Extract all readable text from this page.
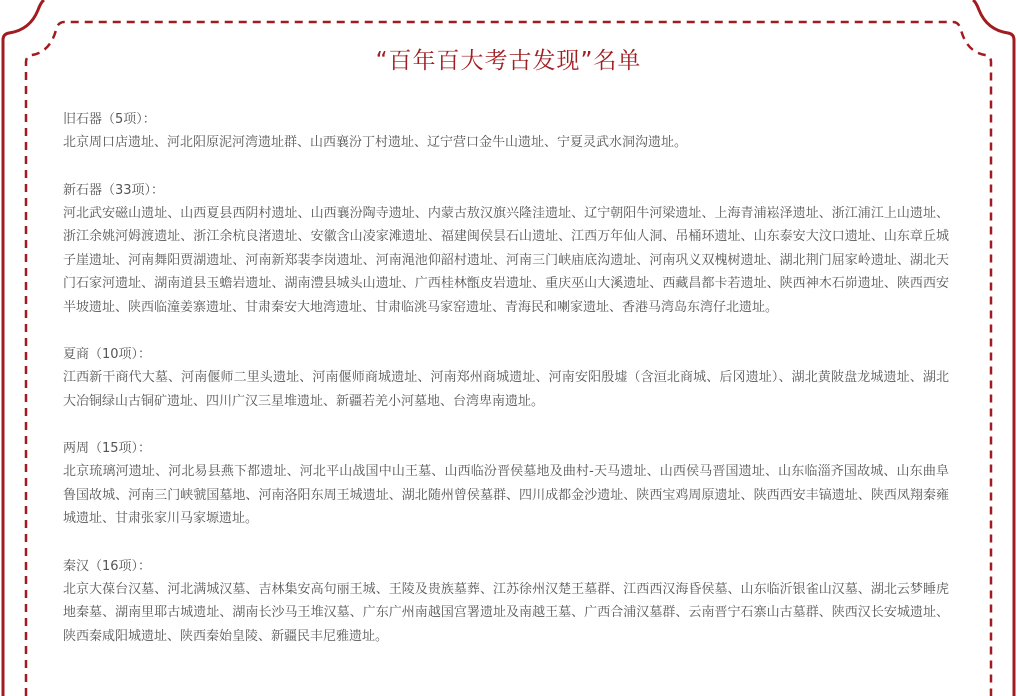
“百年百大考古发现”名单

旧石器（5项）：

北京周口店遗址、河北阳原泥河湾遗址群、山西襄汾丁村遗址、辽宁营口金牛山遗址、宁夏灵武水洞沟遗址。

新石器（33项）：

河北武安磁山遗址、山西夏县西阴村遗址、山西襄汾陶寺遗址、内蒙古敖汉旗兴隆洼遗址、辽宁朝阳牛河梁遗址、上海青浦崧泽遗址、浙江浦江上山遗址、浙江余姚河姆渡遗址、浙江余杭良渚遗址、安徽含山凌家滩遗址、福建闽侯昙石山遗址、江西万年仙人洞、吊桶环遗址、山东泰安大汶口遗址、山东章丘城子崖遗址、河南舞阳贾湖遗址、河南新郑裴李岗遗址、河南渑池仰韶村遗址、河南三门峡庙底沟遗址、河南巩义双槐树遗址、湖北荆门屈家岭遗址、湖北天门石家河遗址、湖南道县玉蟾岩遗址、湖南澧县城头山遗址、广西桂林甑皮岩遗址、重庆巫山大溪遗址、西藏昌都卡若遗址、陕西神木石峁遗址、陕西西安半坡遗址、陕西临潼姜寨遗址、甘肃秦安大地湾遗址、甘肃临洮马家窑遗址、青海民和喇家遗址、香港马湾岛东湾仔北遗址。

夏商（10项）：

江西新干商代大墓、河南偃师二里头遗址、河南偃师商城遗址、河南郑州商城遗址、河南安阳殷墟（含洹北商城、后冈遗址）、湖北黄陂盘龙城遗址、湖北大冶铜绿山古铜矿遗址、四川广汉三星堆遗址、新疆若羌小河墓地、台湾卑南遗址。

两周（15项）：

北京琉璃河遗址、河北易县燕下都遗址、河北平山战国中山王墓、山西临汾晋侯墓地及曲村-天马遗址、山西侯马晋国遗址、山东临淄齐国故城、山东曲阜鲁国故城、河南三门峡虢国墓地、河南洛阳东周王城遗址、湖北随州曾侯墓群、四川成都金沙遗址、陕西宝鸡周原遗址、陕西西安丰镐遗址、陕西凤翔秦雍城遗址、甘肃张家川马家塬遗址。

秦汉（16项）：

北京大葆台汉墓、河北满城汉墓、吉林集安高句丽王城、王陵及贵族墓葬、江苏徐州汉楚王墓群、江西西汉海昏侯墓、山东临沂银雀山汉墓、湖北云梦睡虎地秦墓、湖南里耶古城遗址、湖南长沙马王堆汉墓、广东广州南越国宫署遗址及南越王墓、广西合浦汉墓群、云南晋宁石寨山古墓群、陕西汉长安城遗址、陕西秦咸阳城遗址、陕西秦始皇陵、新疆民丰尼雅遗址。
